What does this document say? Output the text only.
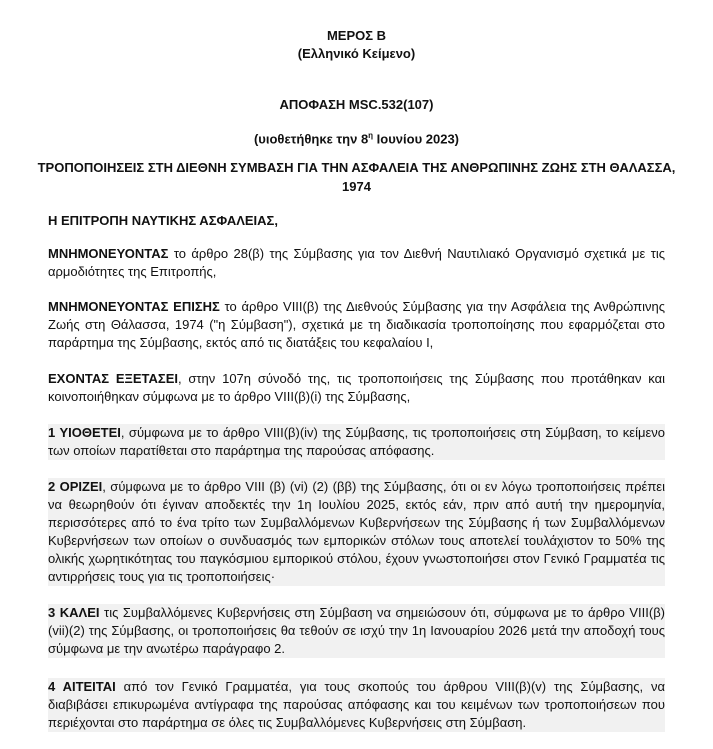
ΜΕΡΟΣ Β
(Ελληνικό Κείμενο)
ΑΠΟΦΑΣΗ MSC.532(107)
(υιοθετήθηκε την $8^\eta$ Ιουνίου 2023)
ΤΡΟΠΟΠΟΙΗΣΕΙΣ ΣΤΗ ΔΙΕΘΝΗ ΣΥΜΒΑΣΗ ΓΙΑ ΤΗΝ ΑΣΦΑΛΕΙΑ ΤΗΣ ΑΝΘΡΩΠΙΝΗΣ ΖΩΗΣ ΣΤΗ ΘΑΛΑΣΣΑ,
1974
Η ΕΠΙΤΡΟΠΗ ΝΑΥΤΙΚΗΣ ΑΣΦΑΛΕΙΑΣ,
ΜΝΗΜΟΝΕΥΟΝΤΑΣ το άρθρο 28(β) της Σύμβασης για τον Διεθνή Ναυτιλιακό Οργανισμό σχετικά με τις αρμοδιότητες της Επιτροπής,
ΜΝΗΜΟΝΕΥΟΝΤΑΣ ΕΠΙΣΗΣ το άρθρο VIII(β) της Διεθνούς Σύμβασης για την Ασφάλεια της Ανθρώπινης Ζωής στη Θάλασσα, 1974 ("η Σύμβαση"), σχετικά με τη διαδικασία τροποποίησης που εφαρμόζεται στο παράρτημα της Σύμβασης, εκτός από τις διατάξεις του κεφαλαίου I,
ΕΧΟΝΤΑΣ ΕΞΕΤΑΣΕΙ, στην 107η σύνοδό της, τις τροποποιήσεις της Σύμβασης που προτάθηκαν και κοινοποιήθηκαν σύμφωνα με το άρθρο VIII(β)(i) της Σύμβασης,
1 ΥΙΟΘΕΤΕΙ, σύμφωνα με το άρθρο VIII(β)(iv) της Σύμβασης, τις τροποποιήσεις στη Σύμβαση, το κείμενο των οποίων παρατίθεται στο παράρτημα της παρούσας απόφασης.
2 ΟΡΙΖΕΙ, σύμφωνα με το άρθρο VIII (β) (vi) (2) (ββ) της Σύμβασης, ότι οι εν λόγω τροποποιήσεις πρέπει να θεωρηθούν ότι έγιναν αποδεκτές την 1η Ιουλίου 2025, εκτός εάν, πριν από αυτή την ημερομηνία, περισσότερες από το ένα τρίτο των Συμβαλλόμενων Κυβερνήσεων της Σύμβασης ή των Συμβαλλόμενων Κυβερνήσεων των οποίων ο συνδυασμός των εμπορικών στόλων τους αποτελεί τουλάχιστον το 50% της ολικής χωρητικότητας του παγκόσμιου εμπορικού στόλου, έχουν γνωστοποιήσει στον Γενικό Γραμματέα τις αντιρρήσεις τους για τις τροποποιήσεις·
3 ΚΑΛΕΙ τις Συμβαλλόμενες Κυβερνήσεις στη Σύμβαση να σημειώσουν ότι, σύμφωνα με το άρθρο VIII(β)(vii)(2) της Σύμβασης, οι τροποποιήσεις θα τεθούν σε ισχύ την 1η Ιανουαρίου 2026 μετά την αποδοχή τους σύμφωνα με την ανωτέρω παράγραφο 2.
4 ΑΙΤΕΙΤΑΙ από τον Γενικό Γραμματέα, για τους σκοπούς του άρθρου VIII(β)(v) της Σύμβασης, να διαβιβάσει επικυρωμένα αντίγραφα της παρούσας απόφασης και του κειμένων των τροποποιήσεων που περιέχονται στο παράρτημα σε όλες τις Συμβαλλόμενες Κυβερνήσεις στη Σύμβαση.
